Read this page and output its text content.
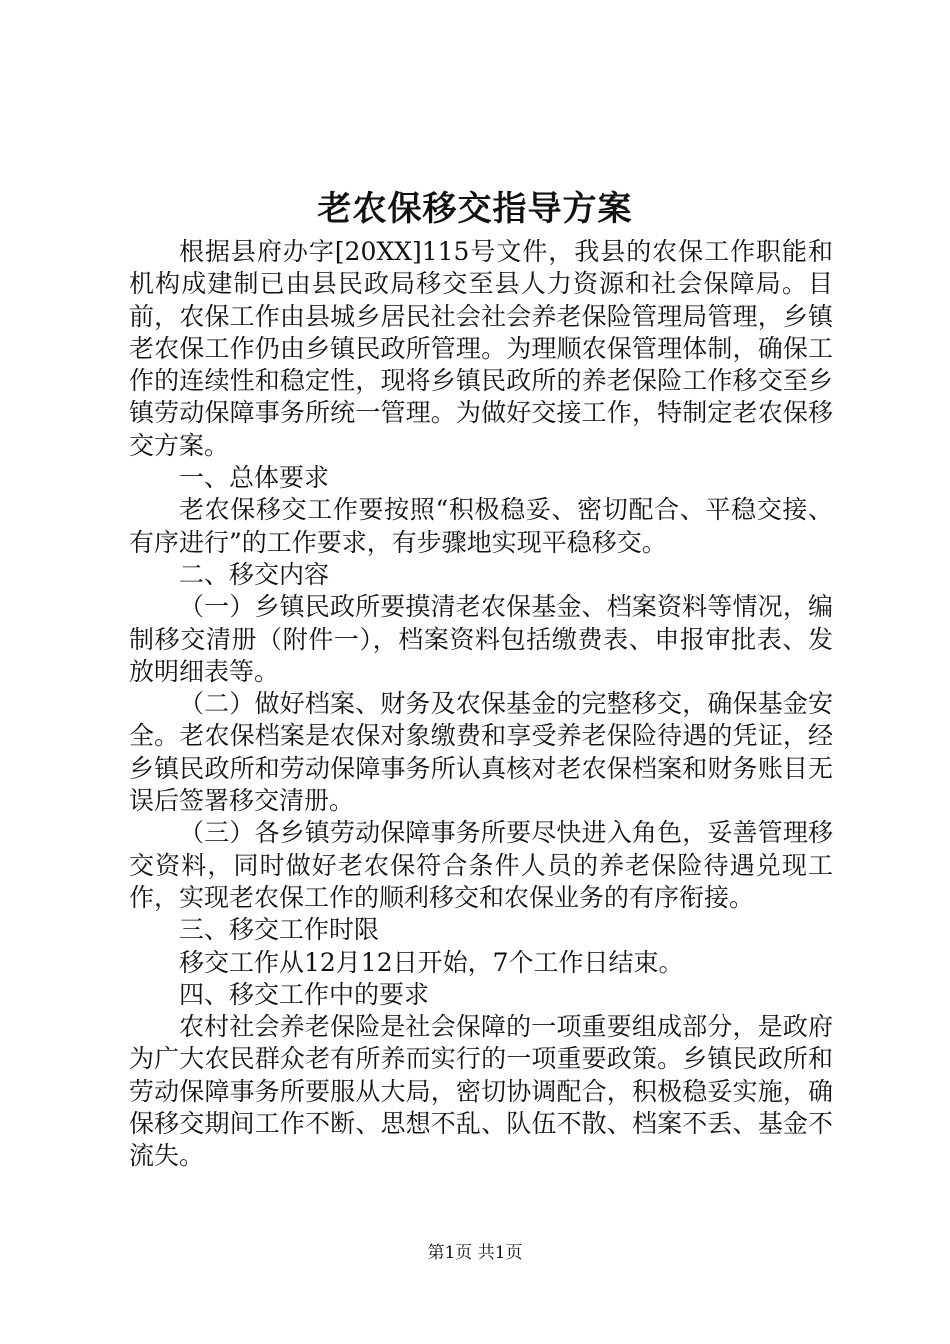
老农保移交指导方案

根据县府办字[20XX]115号文件，我县的农保工作职能和机构成建制已由县民政局移交至县人力资源和社会保障局。目前，农保工作由县城乡居民社会社会养老保险管理局管理，乡镇老农保工作仍由乡镇民政所管理。为理顺农保管理体制，确保工作的连续性和稳定性，现将乡镇民政所的养老保险工作移交至乡镇劳动保障事务所统一管理。为做好交接工作，特制定老农保移交方案。

一、总体要求

老农保移交工作要按照“积极稳妥、密切配合、平稳交接、有序进行”的工作要求，有步骤地实现平稳移交。

二、移交内容

（一）乡镇民政所要摸清老农保基金、档案资料等情况，编制移交清册（附件一），档案资料包括缴费表、申报审批表、发放明细表等。

（二）做好档案、财务及农保基金的完整移交，确保基金安全。老农保档案是农保对象缴费和享受养老保险待遇的凭证，经乡镇民政所和劳动保障事务所认真核对老农保档案和财务账目无误后签署移交清册。

（三）各乡镇劳动保障事务所要尽快进入角色，妥善管理移交资料，同时做好老农保符合条件人员的养老保险待遇兑现工作，实现老农保工作的顺利移交和农保业务的有序衔接。

三、移交工作时限

移交工作从12月12日开始，7个工作日结束。

四、移交工作中的要求

农村社会养老保险是社会保障的一项重要组成部分，是政府为广大农民群众老有所养而实行的一项重要政策。乡镇民政所和劳动保障事务所要服从大局，密切协调配合，积极稳妥实施，确保移交期间工作不断、思想不乱、队伍不散、档案不丢、基金不流失。

第1页 共1页
